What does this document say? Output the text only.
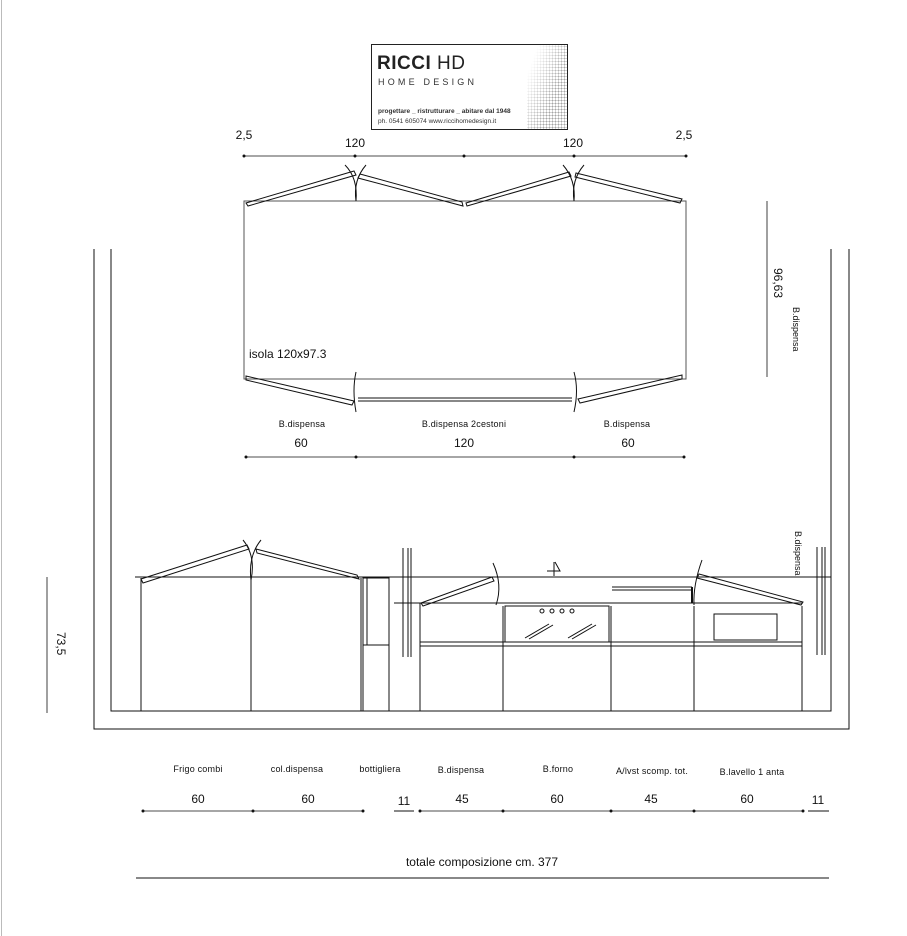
RICCI HD
HOME DESIGN
progettare _ ristrutturare _ abitare dal 1948
ph. 0541 605074 www.riccihomedesign.it
2,5
120	120
2,5
isola 120x97.3
96,63
B.dispensa
B.dispensa	B.dispensa 2cestoni	B.dispensa
60	120	60
73,5
B.dispensa
Frigo combi	col.dispensa	bottigliera	B.dispensa	B.forno	A/lvst scomp. tot.	B.lavello 1 anta
60	60	11	45	60	45	60	11
totale composizione cm. 377
